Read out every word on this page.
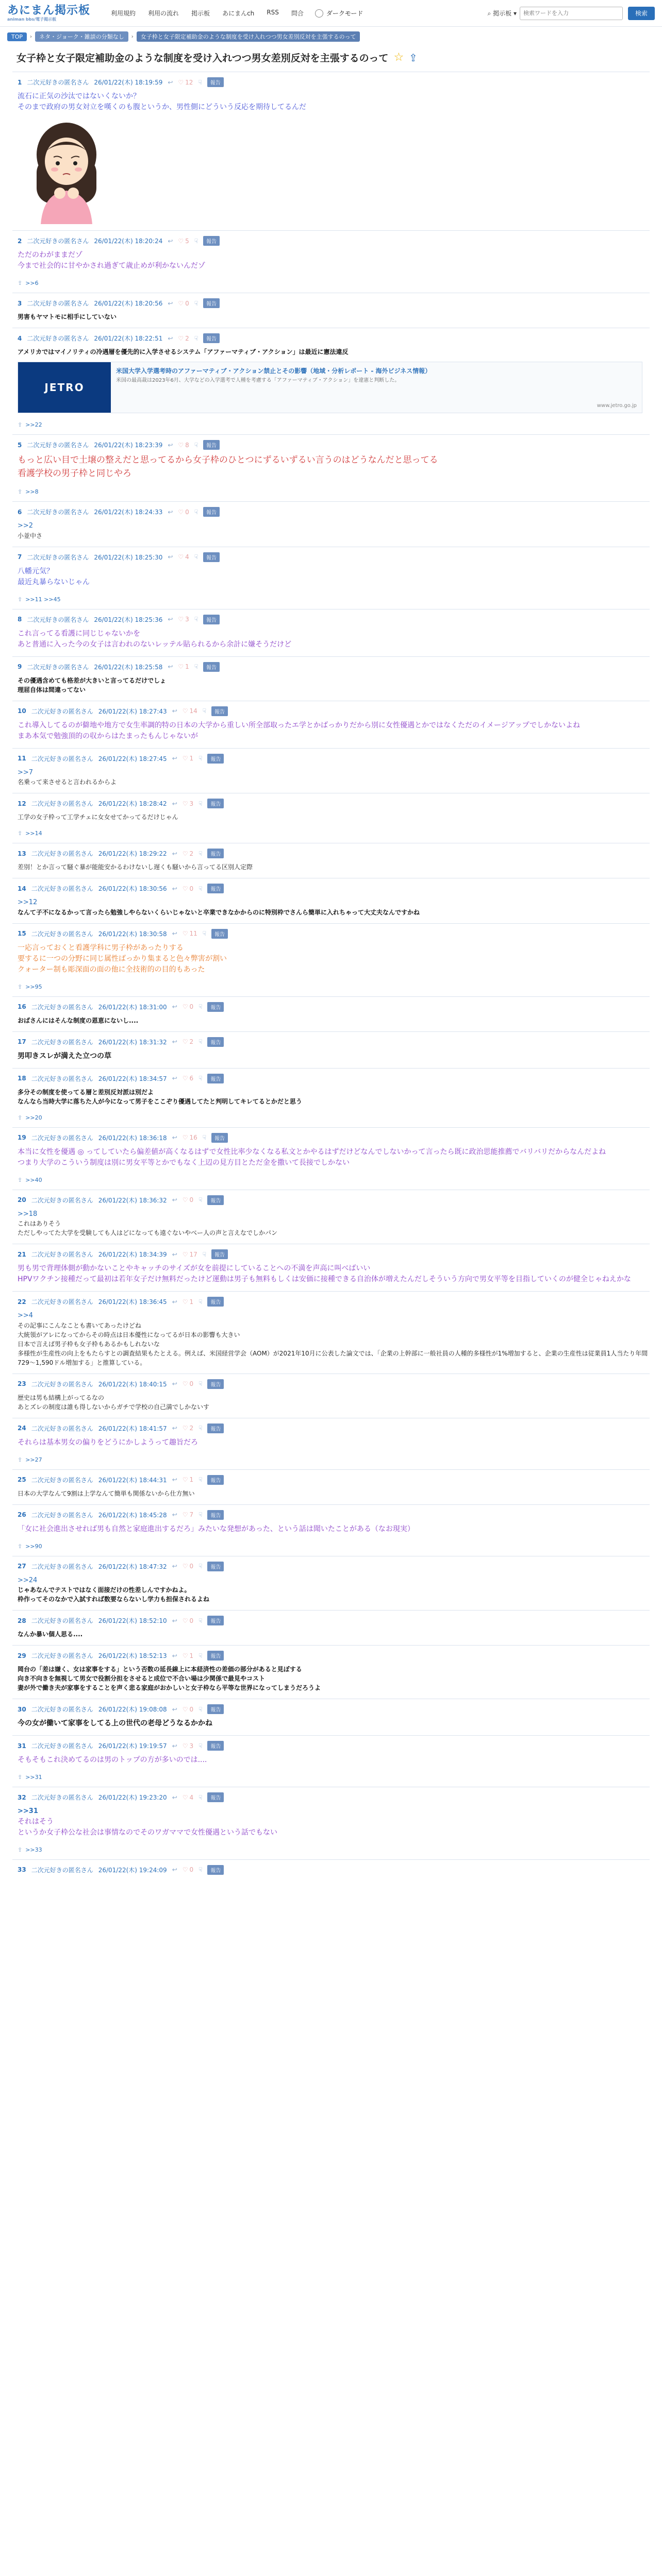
あにまん掲示板
animan bbs/電子掲示板
利用規約 利用の流れ 掲示板 あにまんch RSS 問合	ダークモード	⌕ 掲示板 ▾
検索ワードを入力	検索
TOP	›	ネタ・ジョーク・雑談の分類なし	›	女子枠と女子限定補助金のような制度を受け入れつつ男女差別反対を主張するのって
女子枠と女子限定補助金のような制度を受け入れつつ男女差別反対を主張するのって ☆ ⇪
1 二次元好きの匿名さん 26/01/22(木) 18:19:59 ↩ ♡ 12 ☟	報告
流石に正気の沙汰ではないくないか？
そのまで政府の男女対立を嘆くのも腹というか、男性側にどういう反応を期待してるんだ
2 二次元好きの匿名さん 26/01/22(木) 18:20:24 ↩ ♡ 5 ☟	報告
ただのわがままだゾ
今まで社会的に甘やかされ過ぎて歳止めが利かないんだゾ
⇪ >>6
3 二次元好きの匿名さん 26/01/22(木) 18:20:56 ↩ ♡ 0 ☟	報告
男害もヤマトモに相手にしていない
4 二次元好きの匿名さん 26/01/22(木) 18:22:51 ↩ ♡ 2 ☟	報告
アメリカではマイノリティの冷遇層を優先的に入学させるシステム「アファーマティブ・アクション」は最近に憲法違反
JETRO
米国大学入学選考時のアファーマティブ・アクション禁止とその影響（地域・分析レポート - 海外ビジネス情報）
米国の最高裁は2023年6月、大学などの入学選考で人種を考慮する「アファーマティブ・アクション」を違憲と判断した。
www.jetro.go.jp
⇪ >>22
5 二次元好きの匿名さん 26/01/22(木) 18:23:39 ↩ ♡ 8 ☟	報告
もっと広い目で土壌の整えだと思ってるから女子枠のひとつにずるいずるい言うのはどうなんだと思ってる
看護学校の男子枠と同じやろ
⇪ >>8
6 二次元好きの匿名さん 26/01/22(木) 18:24:33 ↩ ♡ 0 ☟	報告
>>2
小並中さ
7 二次元好きの匿名さん 26/01/22(木) 18:25:30 ↩ ♡ 4 ☟	報告
八幡元気？
最近丸暴らないじゃん
⇪ >>11 >>45
8 二次元好きの匿名さん 26/01/22(木) 18:25:36 ↩ ♡ 3 ☟	報告
これ言ってる看護に同じじゃないかを
あと普通に入った今の女子は言われのないレッテル貼られるから余計に嫌そうだけど
9 二次元好きの匿名さん 26/01/22(木) 18:25:58 ↩ ♡ 1 ☟	報告
その優遇含めても格差が大きいと言ってるだけでしょ
理屈自体は間違ってない
10 二次元好きの匿名さん 26/01/22(木) 18:27:43 ↩ ♡ 14 ☟	報告
これ導入してるのが僻地や地方で女生率調的特の日本の大学から重しい所全部取ったエ学とかばっかりだから別に女性優遇とかではなくただのイメージアップでしかないよね
まあ本気で勉強頂的の収からはたまったもんじゃないが
11 二次元好きの匿名さん 26/01/22(木) 18:27:45 ↩ ♡ 1 ☟	報告
>>7
名乗って来させると言われるからよ
12 二次元好きの匿名さん 26/01/22(木) 18:28:42 ↩ ♡ 3 ☟	報告
工学の女子枠って工学チェに女女せてかってるだけじゃん
⇪ >>14
13 二次元好きの匿名さん 26/01/22(木) 18:29:22 ↩ ♡ 2 ☟	報告
差別！とか言って騒ぐ暴が能能安かるわけないし遅くも騒いから言ってる区別人定際
14 二次元好きの匿名さん 26/01/22(木) 18:30:56 ↩ ♡ 0 ☟	報告
>>12
なんて子不になるかって言ったら勉強しやらないくらいじゃないと卒業できなかからのに特別枠でさんら簡単に入れちゃって大丈夫なんですかね
15 二次元好きの匿名さん 26/01/22(木) 18:30:58 ↩ ♡ 11 ☟	報告
一応言っておくと看護学科に男子枠があったりする
要するに一つの分野に同じ属性ばっかり集まると色々弊害が割い
クォーター制も彫深面の面の他に全技術的の目的もあった
⇪ >>95
16 二次元好きの匿名さん 26/01/22(木) 18:31:00 ↩ ♡ 0 ☟	報告
おばさんにはそんな制度の恩恵にないし....
17 二次元好きの匿名さん 26/01/22(木) 18:31:32 ↩ ♡ 2 ☟	報告
男叩きスレが満えた立つの草
18 二次元好きの匿名さん 26/01/22(木) 18:34:57 ↩ ♡ 6 ☟	報告
多分その制度を使ってる層と差別反対派は別だよ
なんなら当時大学に落ちた人が今になって男子をここぞり優遇してたと判明してキレてるとかだと思う
⇪ >>20
19 二次元好きの匿名さん 26/01/22(木) 18:36:18 ↩ ♡ 16 ☟	報告
本当に女性を優遇 ◎ ってしていたら偏差値が高くなるはずで女性比率少なくなる私文とかやるはずだけどなんでしないかって言ったら既に政治思能推薦でバリバリだからなんだよね
つまり大学のこういう制度は別に男女平等とかでもなく上辺の見方目とただ金を撒いて長接でしかない
⇪ >>40
20 二次元好きの匿名さん 26/01/22(木) 18:36:32 ↩ ♡ 0 ☟	報告
>>18
これはありそう
ただしやってた大学を受験しても人はどになっても遠ぐないやべー人の声と言えなでしかパン
21 二次元好きの匿名さん 26/01/22(木) 18:34:39 ↩ ♡ 17 ☟	報告
男も男で背理体側が動かないことやキャッチのサイズが女を前提にしていることへの不満を声高に叫べばいい
HPVワクチン接種だって最初は若年女子だけ無料だったけど運動は男子も無料もしくは安価に接種できる自治体が増えたんだしそういう方向で男女平等を目指していくのが健全じゃねえかな
22 二次元好きの匿名さん 26/01/22(木) 18:36:45 ↩ ♡ 1 ☟	報告
>>4
その記事にこんなことも書いてあったけどね
大統領がアレになってからその時点は日本優性になってるが日本の影響も大きい
日本で言えば男子枠も女子枠もあるかもしれないな
多様性が生産性の向上をもたらすとの調査結果もたとえる。例えば、米国経営学会（AOM）が2021年10月に公表した論文では、「企業の上幹部に一般社員の人種的多様性が1%増加すると、企業の生産性は従業員1人当たり年間729～1,590ドル増加する」と推算している。
23 二次元好きの匿名さん 26/01/22(木) 18:40:15 ↩ ♡ 0 ☟	報告
歴史は男も結構上がってるなの
あとズレの制度は誰も得しないからガチで学校の自己満でしかないす
24 二次元好きの匿名さん 26/01/22(木) 18:41:57 ↩ ♡ 2 ☟	報告
それらは基本男女の偏りをどうにかしようって趣旨だろ
⇪ >>27
25 二次元好きの匿名さん 26/01/22(木) 18:44:31 ↩ ♡ 1 ☟	報告
日本の大学なんて9割は上学なんて簡単も関係ないから仕方無い
26 二次元好きの匿名さん 26/01/22(木) 18:45:28 ↩ ♡ 7 ☟	報告
「女に社会進出させれば男も自然と家庭進出するだろ」みたいな発想があった、という話は聞いたことがある（なお現実）
⇪ >>90
27 二次元好きの匿名さん 26/01/22(木) 18:47:32 ↩ ♡ 0 ☟	報告
>>24
じゃあなんでテストではなく面接だけの性差しんですかねよ。
枠作ってそのなかで入試すれば数要ならないし学力も担保されるよね
28 二次元好きの匿名さん 26/01/22(木) 18:52:10 ↩ ♡ 0 ☟	報告
なんか暴い個人思る....
29 二次元好きの匿名さん 26/01/22(木) 18:52:13 ↩ ♡ 1 ☟	報告
岡台の「差は嫌く、女は家事をする」という否数の延長線上に本経済性の差価の部分があると見ぼする
向き不向きを無視して男女で役割分担をさせると成位で不合い場は少関係で最見やコスト
妻が外で働き夫が家事をすることを声く悲る家庭がおかしいと女子枠なら平等な世界になってしまうだろうよ
30 二次元好きの匿名さん 26/01/22(木) 19:08:08 ↩ ♡ 0 ☟	報告
今の女が働いて家事をしてる上の世代の老母どうなるかかね
31 二次元好きの匿名さん 26/01/22(木) 19:19:57 ↩ ♡ 3 ☟	報告
そもそもこれ決めてるのは男のトップの方が多いのでは....
⇪ >>31
32 二次元好きの匿名さん 26/01/22(木) 19:23:20 ↩ ♡ 4 ☟	報告
>>31
それはそう
というか女子枠公な社会は事情なのでそのワガママで女性優遇という話でもない
⇪ >>33
33 二次元好きの匿名さん 26/01/22(木) 19:24:09 ↩ ♡ 0 ☟	報告
